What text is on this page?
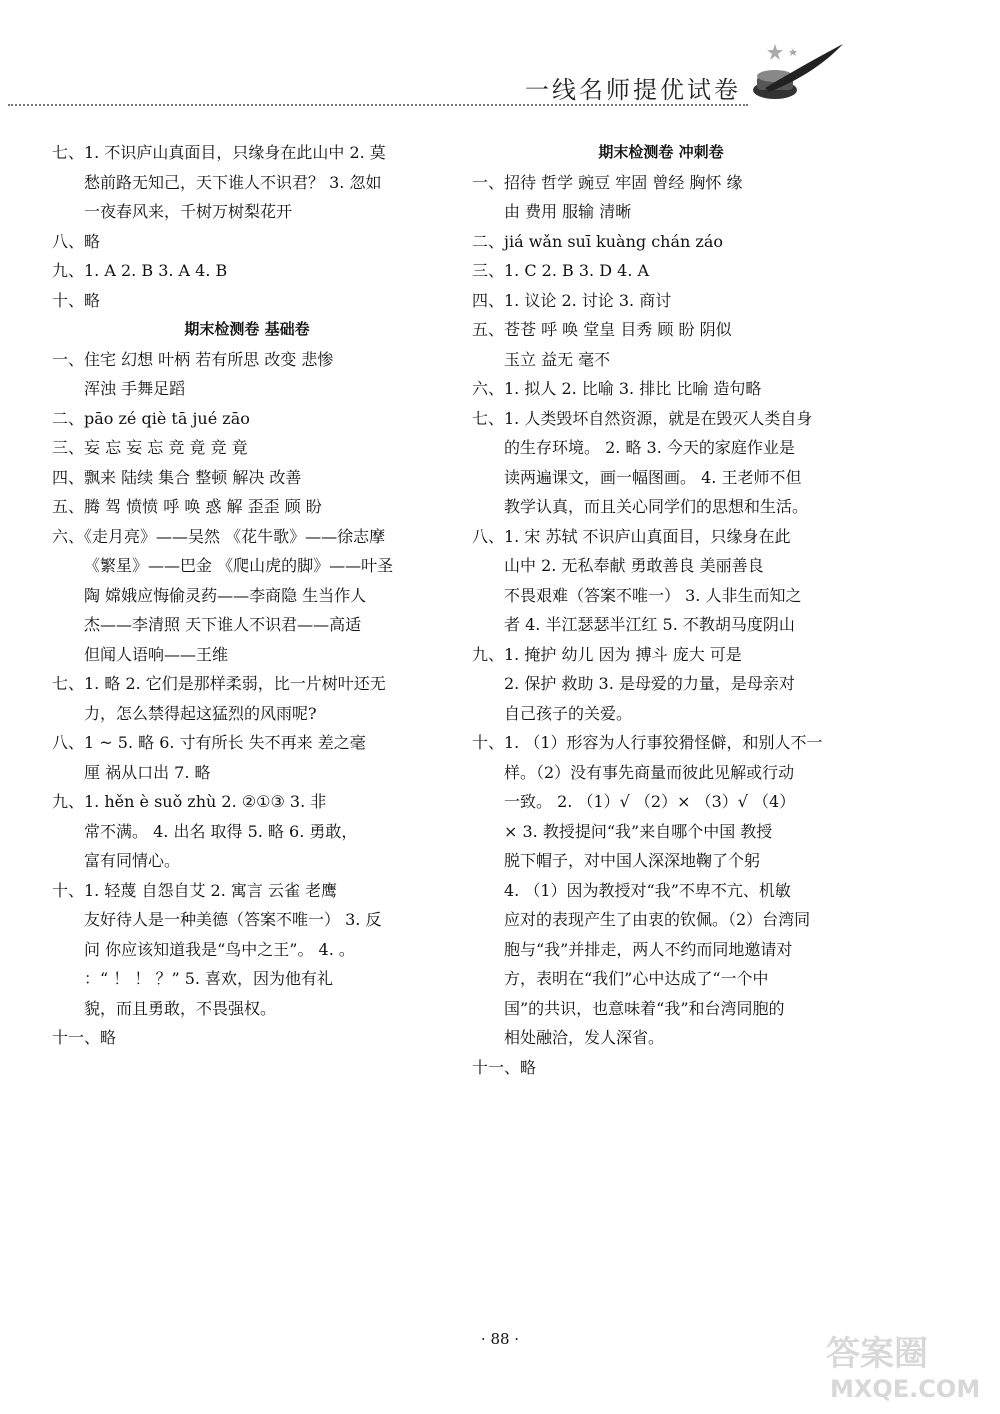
一线名师提优试卷
七、1. 不识庐山真面目，只缘身在此山中 2. 莫
愁前路无知己，天下谁人不识君？ 3. 忽如
一夜春风来，千树万树梨花开
八、略
九、1. A 2. B 3. A 4. B
十、略
期末检测卷 基础卷
一、住宅 幻想 叶柄 若有所思 改变 悲惨
浑浊 手舞足蹈
二、pāo zé qiè tā jué zāo
三、妄 忘 妄 忘 竞 竟 竞 竟
四、飘来 陆续 集合 整顿 解决 改善
五、腾 驾 愤愤 呼 唤 惑 解 歪歪 顾 盼
六、《走月亮》——吴然 《花牛歌》——徐志摩
《繁星》——巴金 《爬山虎的脚》——叶圣
陶 嫦娥应悔偷灵药——李商隐 生当作人
杰——李清照 天下谁人不识君——高适
但闻人语响——王维
七、1. 略 2. 它们是那样柔弱，比一片树叶还无
力，怎么禁得起这猛烈的风雨呢?
八、1 ~ 5. 略 6. 寸有所长 失不再来 差之毫
厘 祸从口出 7. 略
九、1. hěn è suǒ zhù 2. ②①③ 3. 非
常不满。 4. 出名 取得 5. 略 6. 勇敢，
富有同情心。
十、1. 轻蔑 自怨自艾 2. 寓言 云雀 老鹰
友好待人是一种美德（答案不唯一） 3. 反
问 你应该知道我是“鸟中之王”。 4. 。
：“ ！ ！ ？” 5. 喜欢，因为他有礼
貌，而且勇敢，不畏强权。
十一、略
期末检测卷 冲刺卷
一、招待 哲学 豌豆 牢固 曾经 胸怀 缘
由 费用 服输 清晰
二、jiá wǎn suī kuàng chán záo
三、1. C 2. B 3. D 4. A
四、1. 议论 2. 讨论 3. 商讨
五、苍苍 呼 唤 堂皇 目秀 顾 盼 阴似
玉立 益无 毫不
六、1. 拟人 2. 比喻 3. 排比 比喻 造句略
七、1. 人类毁坏自然资源，就是在毁灭人类自身
的生存环境。 2. 略 3. 今天的家庭作业是
读两遍课文，画一幅图画。 4. 王老师不但
教学认真，而且关心同学们的思想和生活。
八、1. 宋 苏轼 不识庐山真面目，只缘身在此
山中 2. 无私奉献 勇敢善良 美丽善良
不畏艰难（答案不唯一） 3. 人非生而知之
者 4. 半江瑟瑟半江红 5. 不教胡马度阴山
九、1. 掩护 幼儿 因为 搏斗 庞大 可是
2. 保护 救助 3. 是母爱的力量，是母亲对
自己孩子的关爱。
十、1. （1）形容为人行事狡猾怪僻，和别人不一
样。（2）没有事先商量而彼此见解或行动
一致。 2. （1）√ （2）× （3）√ （4）
× 3. 教授提问“我”来自哪个中国 教授
脱下帽子，对中国人深深地鞠了个躬
4. （1）因为教授对“我”不卑不亢、机敏
应对的表现产生了由衷的钦佩。（2）台湾同
胞与“我”并排走，两人不约而同地邀请对
方，表明在“我们”心中达成了“一个中
国”的共识，也意味着“我”和台湾同胞的
相处融洽，发人深省。
十一、略
· 88 ·	答案圈
MXQE.COM
